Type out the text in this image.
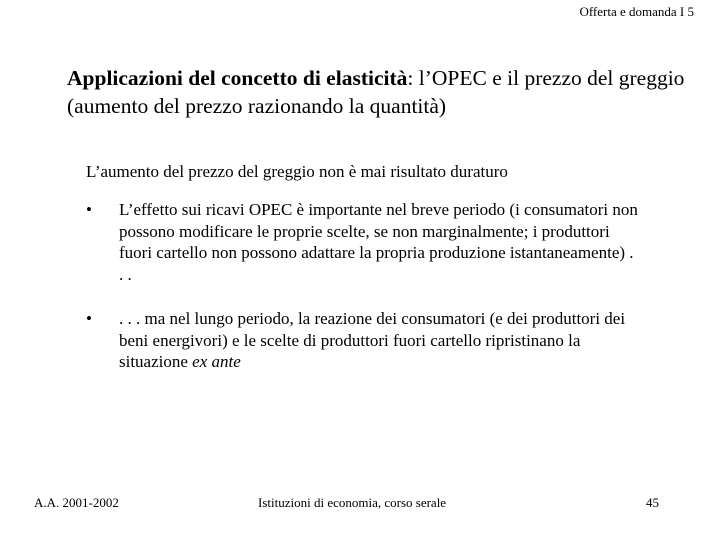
Offerta e domanda I 5
Applicazioni del concetto di elasticità: l’OPEC e il prezzo del greggio (aumento del prezzo razionando la quantità)
L’aumento del prezzo del greggio non è mai risultato duraturo
•	L’effetto sui ricavi OPEC è importante nel breve periodo (i consumatori non possono modificare le proprie scelte, se non marginalmente; i produttori fuori cartello non possono adattare la propria produzione istantaneamente) . . .
•	. . . ma nel lungo periodo, la reazione dei consumatori (e dei produttori dei beni energivori) e le scelte di produttori fuori cartello ripristinano la situazione ex ante
A.A. 2001-2002	Istituzioni di economia, corso serale	45
